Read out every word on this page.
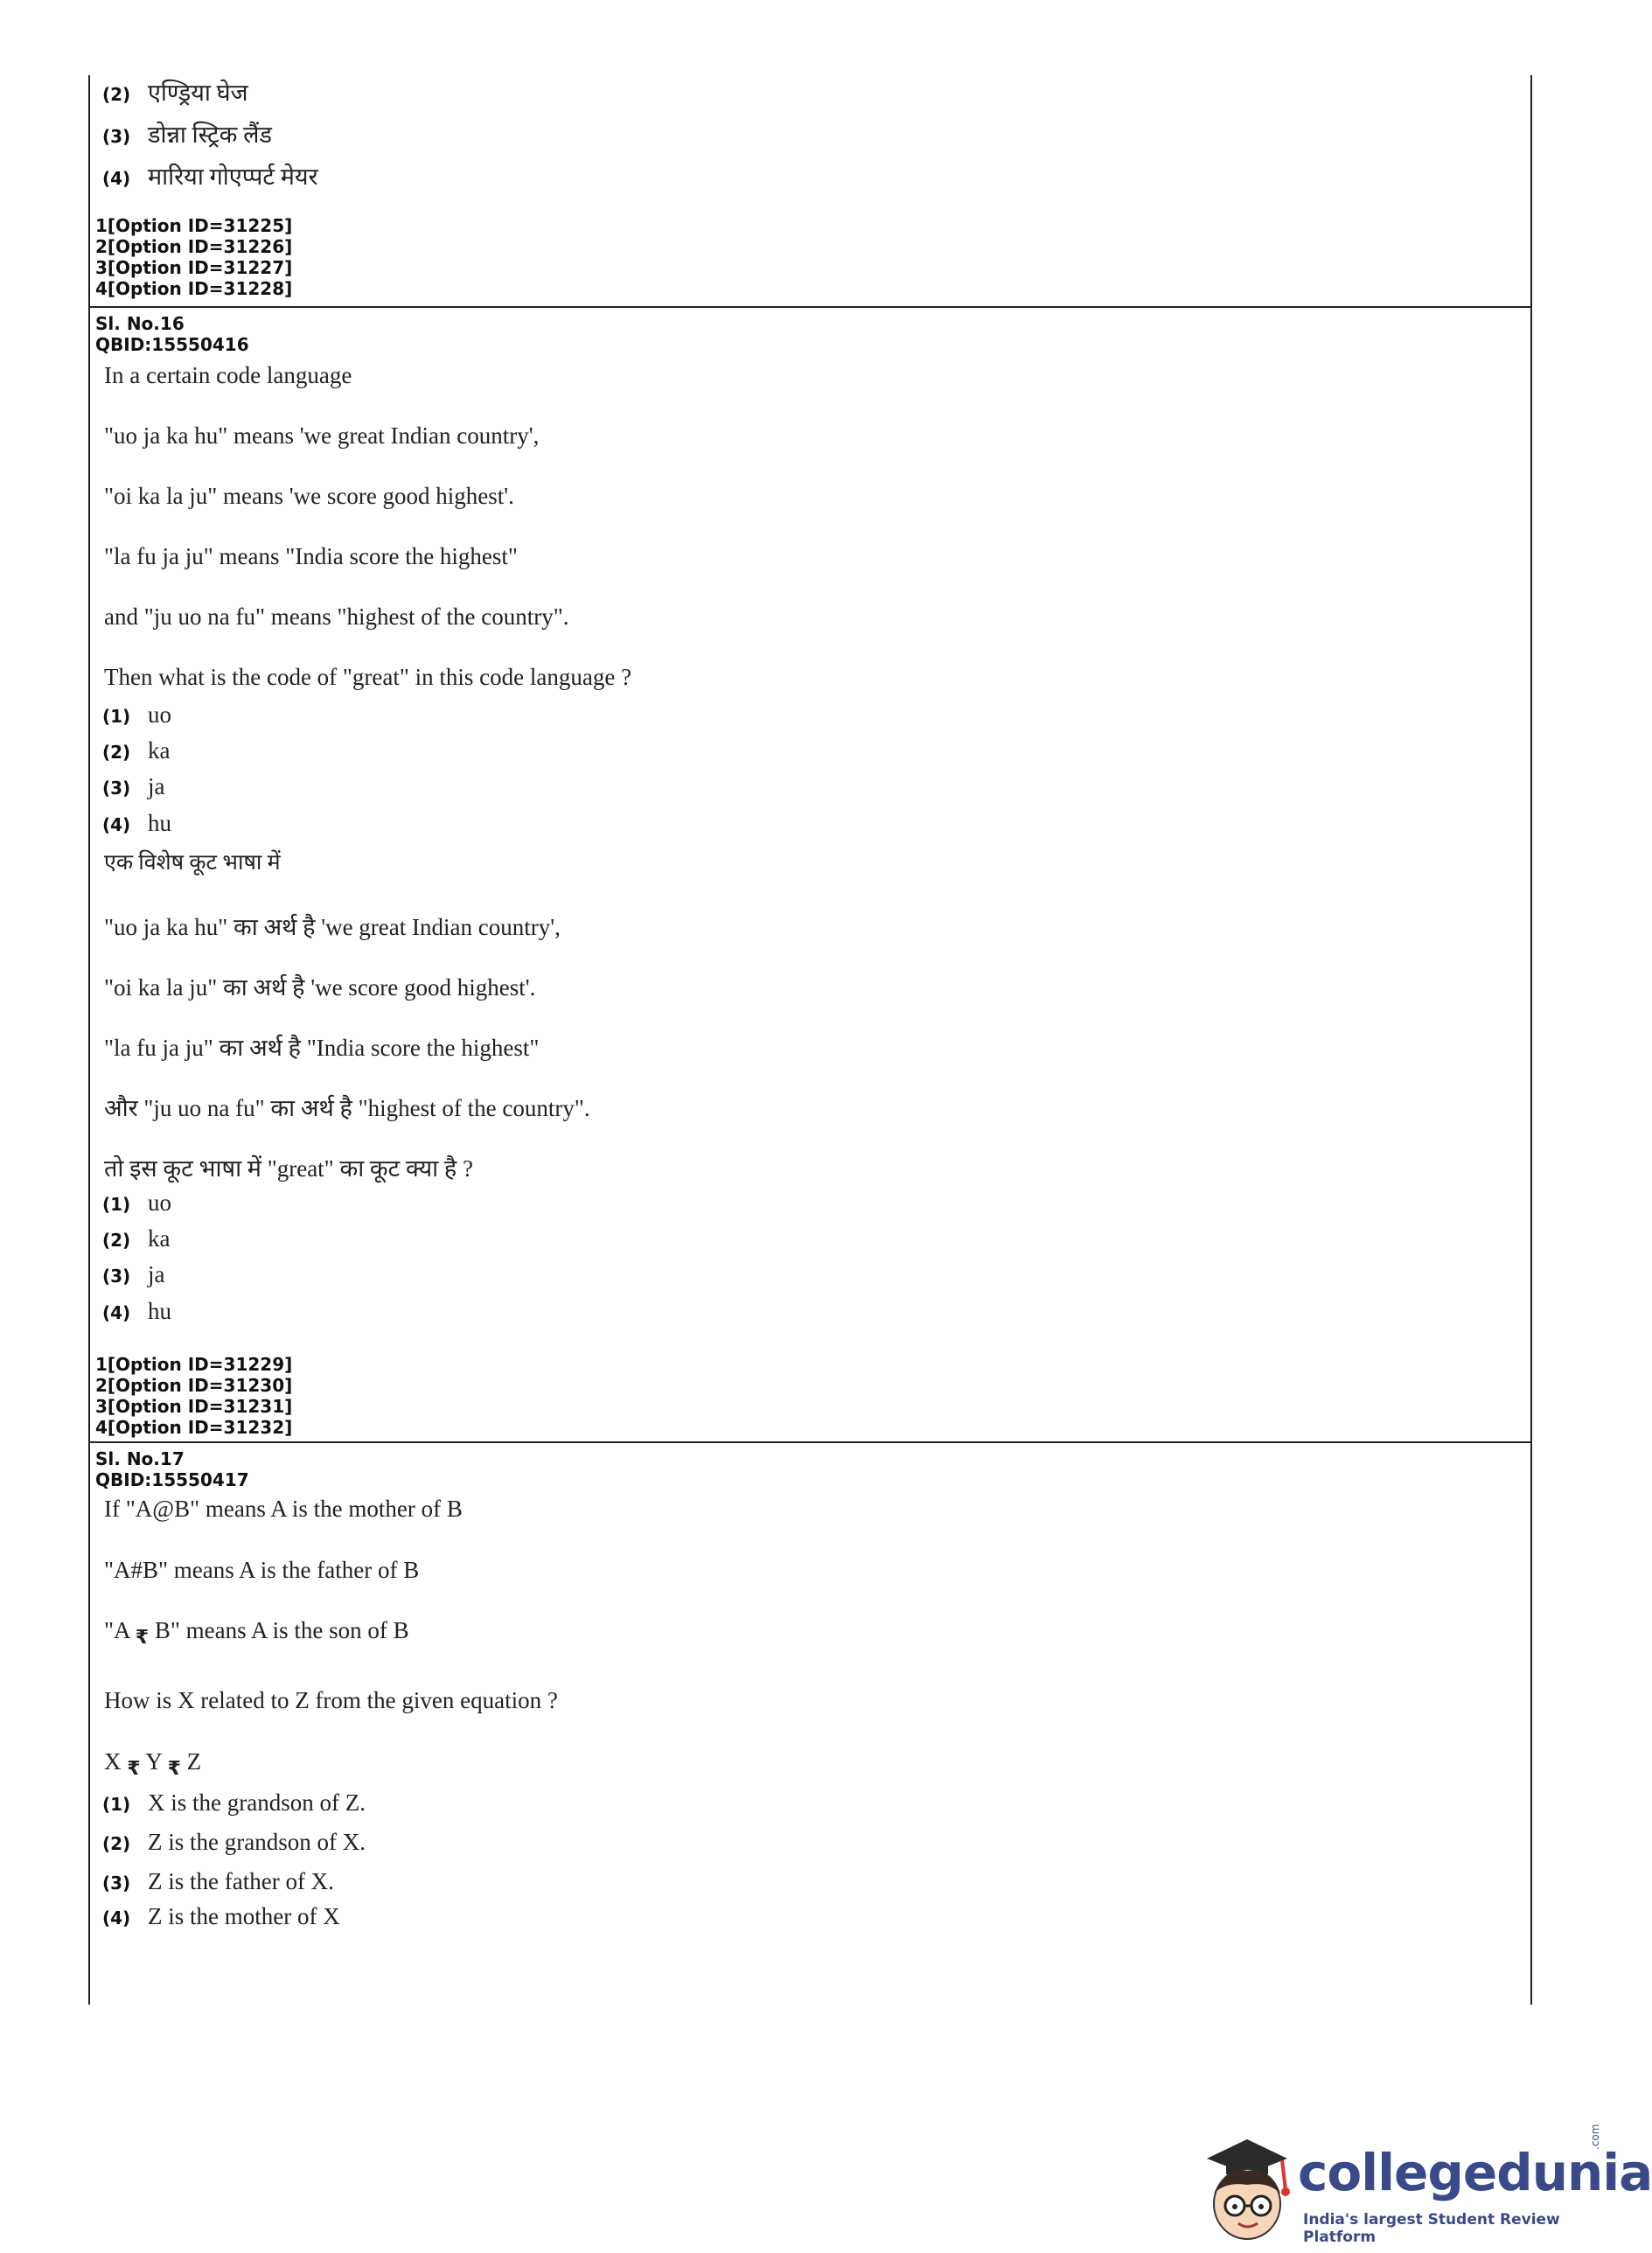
(2) एण्ड्रिया घेज
(3) डोन्ना स्ट्रिक लैंड
(4) मारिया गोएप्पर्ट मेयर
1[Option ID=31225]
2[Option ID=31226]
3[Option ID=31227]
4[Option ID=31228]
Sl. No.16
QBID:15550416
In a certain code language
"uo ja ka hu" means 'we great Indian country',
"oi ka la ju" means 'we score good highest'.
"la fu ja ju" means "India score the highest"
and "ju uo na fu" means "highest of the country".
Then what is the code of "great" in this code language ?
(1) uo
(2) ka
(3) ja
(4) hu
एक विशेष कूट भाषा में
"uo ja ka hu" का अर्थ है 'we great Indian country',
"oi ka la ju" का अर्थ है 'we score good highest'.
"la fu ja ju" का अर्थ है "India score the highest"
और "ju uo na fu" का अर्थ है "highest of the country".
तो इस कूट भाषा में "great" का कूट क्या है ?
(1) uo
(2) ka
(3) ja
(4) hu
1[Option ID=31229]
2[Option ID=31230]
3[Option ID=31231]
4[Option ID=31232]
Sl. No.17
QBID:15550417
If "A@B" means A is the mother of B
"A#B" means A is the father of B
"A $_₹$ B" means A is the son of B
How is X related to Z from the given equation ?
X $_₹$ Y $_₹$ Z
(1) X is the grandson of Z.
(2) Z is the grandson of X.
(3) Z is the father of X.
(4) Z is the mother of X
collegedunia
.com
India's largest Student Review Platform
